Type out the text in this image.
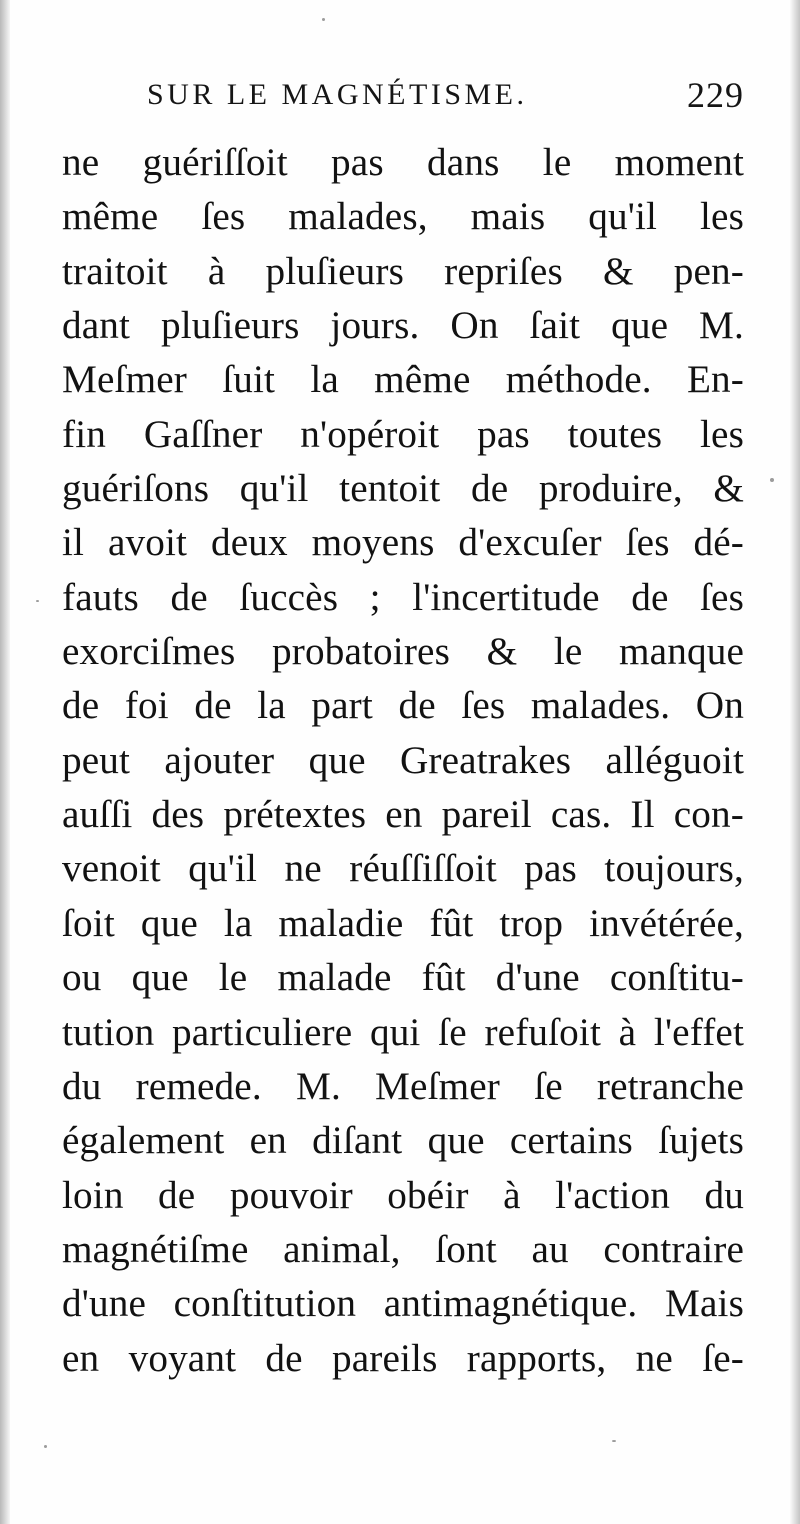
SUR LE MAGNÉTISME.	229
ne guériſſoit pas dans le moment
même ſes malades, mais qu'il les
traitoit à pluſieurs repriſes & pen-
dant pluſieurs jours. On ſait que M.
Meſmer ſuit la même méthode. En-
fin Gaſſner n'opéroit pas toutes les
guériſons qu'il tentoit de produire, &
il avoit deux moyens d'excuſer ſes dé-
fauts de ſuccès ; l'incertitude de ſes
exorciſmes probatoires & le manque
de foi de la part de ſes malades. On
peut ajouter que Greatrakes alléguoit
auſſi des prétextes en pareil cas. Il con-
venoit qu'il ne réuſſiſſoit pas toujours,
ſoit que la maladie fût trop invétérée,
ou que le malade fût d'une conſtitu-
tution particuliere qui ſe refuſoit à l'effet
du remede. M. Meſmer ſe retranche
également en diſant que certains ſujets
loin de pouvoir obéir à l'action du
magnétiſme animal, ſont au contraire
d'une conſtitution antimagnétique. Mais
en voyant de pareils rapports, ne ſe-
